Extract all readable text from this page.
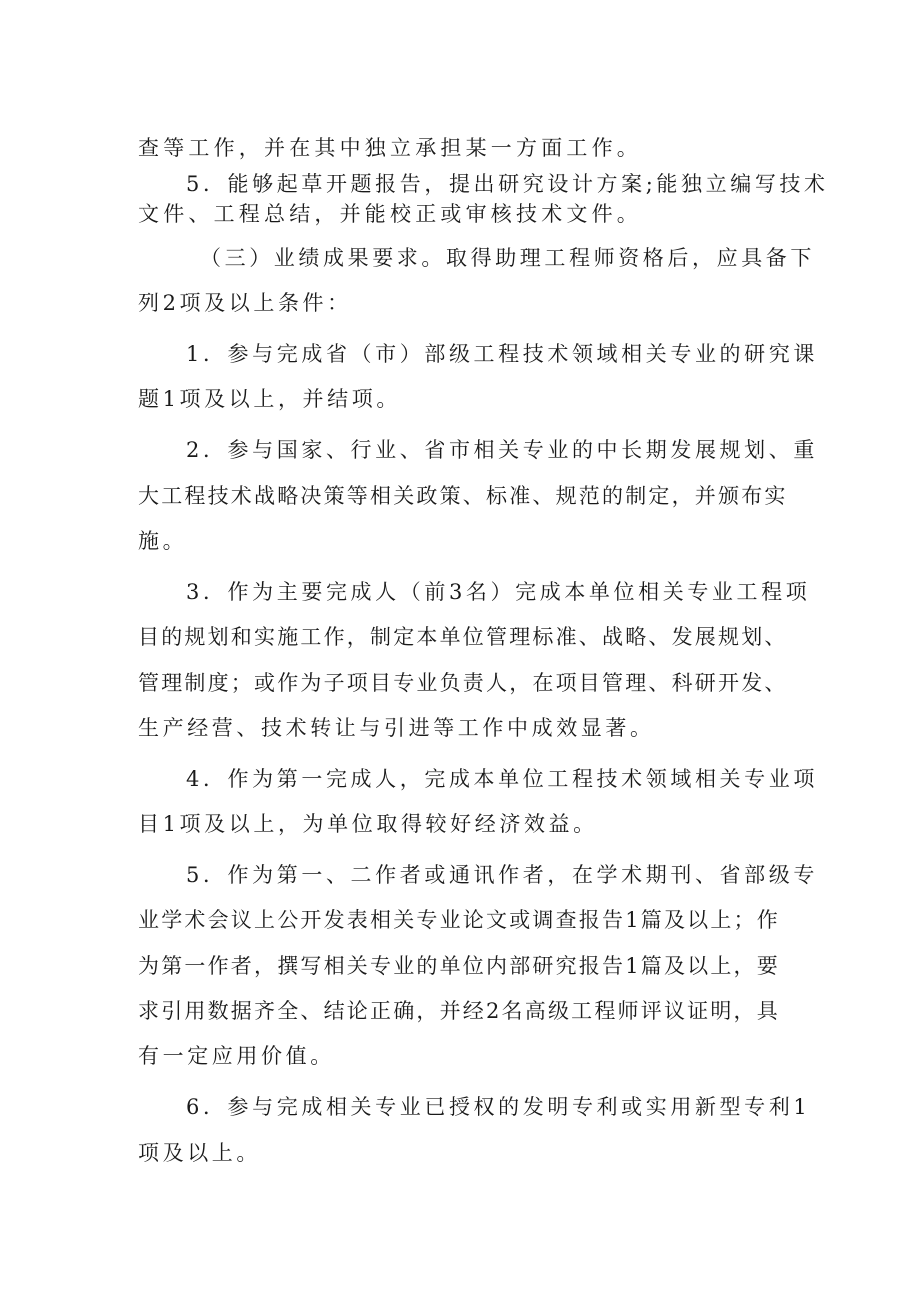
查等工作，并在其中独立承担某一方面工作。
5．能够起草开题报告，提出研究设计方案;能独立编写技术
文件、工程总结，并能校正或审核技术文件。
（三）业绩成果要求。取得助理工程师资格后，应具备下
列2项及以上条件：
1．参与完成省（市）部级工程技术领域相关专业的研究课
题1项及以上，并结项。
2．参与国家、行业、省市相关专业的中长期发展规划、重
大工程技术战略决策等相关政策、标准、规范的制定，并颁布实
施。
3．作为主要完成人（前3名）完成本单位相关专业工程项
目的规划和实施工作，制定本单位管理标准、战略、发展规划、
管理制度；或作为子项目专业负责人，在项目管理、科研开发、
生产经营、技术转让与引进等工作中成效显著。
4．作为第一完成人，完成本单位工程技术领域相关专业项
目1项及以上，为单位取得较好经济效益。
5．作为第一、二作者或通讯作者，在学术期刊、省部级专
业学术会议上公开发表相关专业论文或调查报告1篇及以上；作
为第一作者，撰写相关专业的单位内部研究报告1篇及以上，要
求引用数据齐全、结论正确，并经2名高级工程师评议证明，具
有一定应用价值。
6．参与完成相关专业已授权的发明专利或实用新型专利1
项及以上。
